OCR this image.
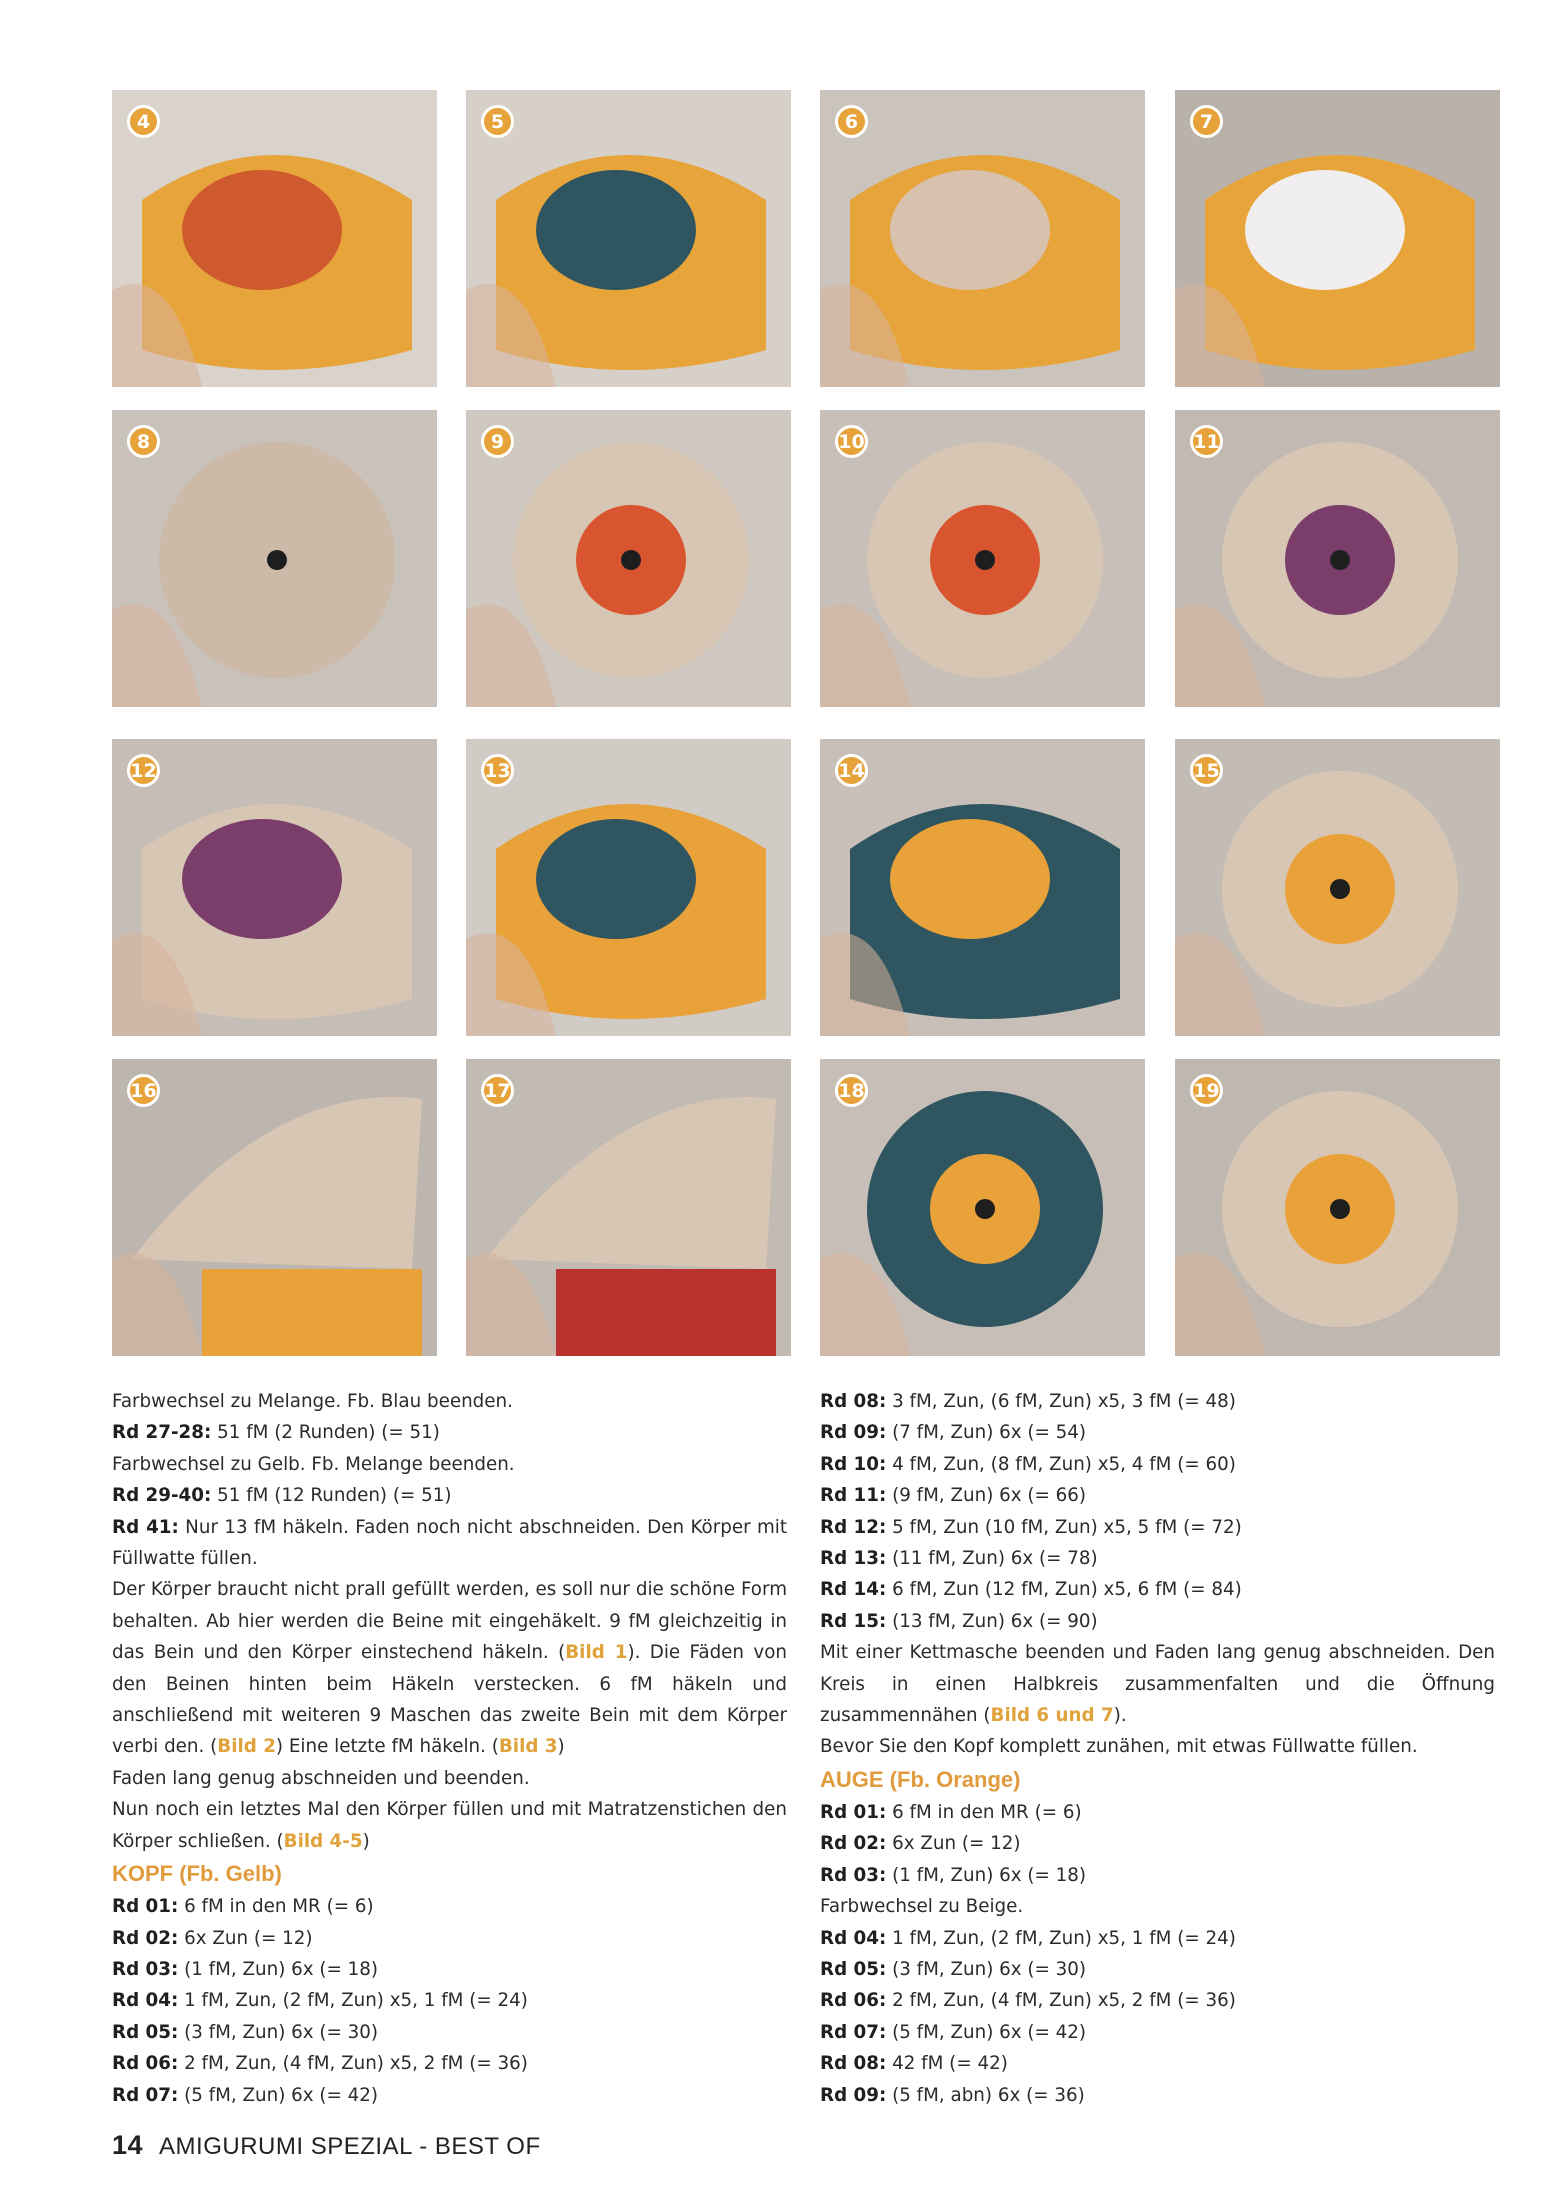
4	5	6	7
8	9	10	11
12	13	14	15
16	17	18	19

Farbwechsel zu Melange. Fb. Blau beenden.

Rd 27-28: 51 fM (2 Runden) (= 51)

Farbwechsel zu Gelb. Fb. Melange beenden.

Rd 29-40: 51 fM (12 Runden) (= 51)

Rd 41: Nur 13 fM häkeln. Faden noch nicht abschneiden. Den Körper mit Füllwatte füllen.

Der Körper braucht nicht prall gefüllt werden, es soll nur die schöne Form behalten. Ab hier werden die Beine mit eingehäkelt. 9 fM gleichzeitig in das Bein und den Körper einstechend häkeln. (Bild 1). Die Fäden von den Beinen hinten beim Häkeln verstecken. 6 fM häkeln und anschließend mit weiteren 9 Maschen das zweite Bein mit dem Körper verbi den. (Bild 2) Eine letzte fM häkeln. (Bild 3)

Faden lang genug abschneiden und beenden.

Nun noch ein letztes Mal den Körper füllen und mit Matratzenstichen den Körper schließen. (Bild 4-5)

KOPF (Fb. Gelb)

Rd 01: 6 fM in den MR (= 6)

Rd 02: 6x Zun (= 12)

Rd 03: (1 fM, Zun) 6x (= 18)

Rd 04: 1 fM, Zun, (2 fM, Zun) x5, 1 fM (= 24)

Rd 05: (3 fM, Zun) 6x (= 30)

Rd 06: 2 fM, Zun, (4 fM, Zun) x5, 2 fM (= 36)

Rd 07: (5 fM, Zun) 6x (= 42)

Rd 08: 3 fM, Zun, (6 fM, Zun) x5, 3 fM (= 48)

Rd 09: (7 fM, Zun) 6x (= 54)

Rd 10: 4 fM, Zun, (8 fM, Zun) x5, 4 fM (= 60)

Rd 11: (9 fM, Zun) 6x (= 66)

Rd 12: 5 fM, Zun (10 fM, Zun) x5, 5 fM (= 72)

Rd 13: (11 fM, Zun) 6x (= 78)

Rd 14: 6 fM, Zun (12 fM, Zun) x5, 6 fM (= 84)

Rd 15: (13 fM, Zun) 6x (= 90)

Mit einer Kettmasche beenden und Faden lang genug abschneiden. Den Kreis in einen Halbkreis zusammenfalten und die Öffnung zusammennähen (Bild 6 und 7).

Bevor Sie den Kopf komplett zunähen, mit etwas Füllwatte füllen.

AUGE (Fb. Orange)

Rd 01: 6 fM in den MR (= 6)

Rd 02: 6x Zun (= 12)

Rd 03: (1 fM, Zun) 6x (= 18)

Farbwechsel zu Beige.

Rd 04: 1 fM, Zun, (2 fM, Zun) x5, 1 fM (= 24)

Rd 05: (3 fM, Zun) 6x (= 30)

Rd 06: 2 fM, Zun, (4 fM, Zun) x5, 2 fM (= 36)

Rd 07: (5 fM, Zun) 6x (= 42)

Rd 08: 42 fM (= 42)

Rd 09: (5 fM, abn) 6x (= 36)

14 AMIGURUMI SPEZIAL - BEST OF
